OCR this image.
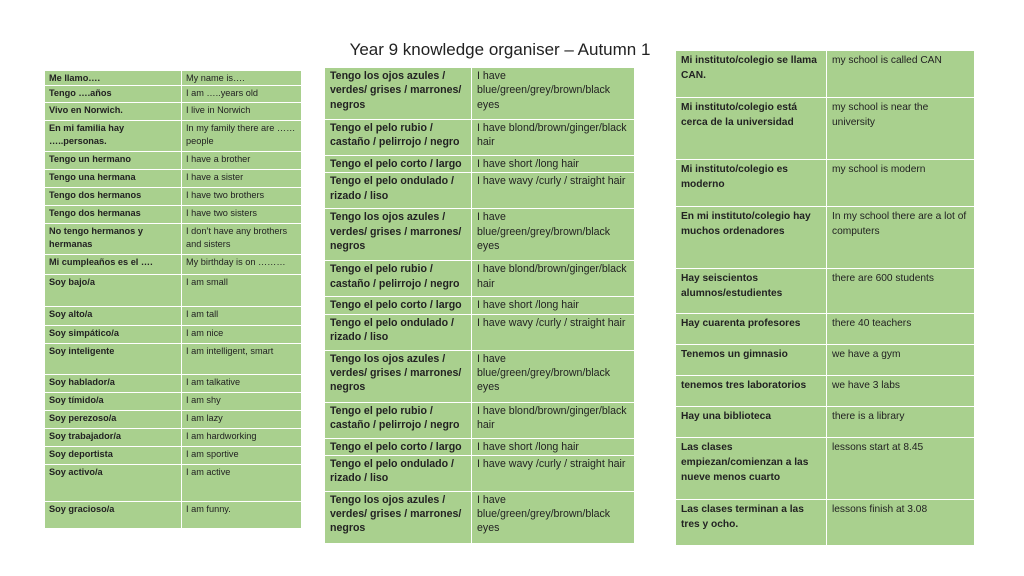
Year 9 knowledge organiser – Autumn 1
Me llamo….	My name is….
Tengo ….años	I am …..years old
Vivo en Norwich.	I live in Norwich
En mi familia hay …..personas.	In my family there are ……people
Tengo un hermano	I have a brother
Tengo una hermana	I have a sister
Tengo dos hermanos	I have two brothers
Tengo dos hermanas	I have two sisters
No tengo hermanos y hermanas	I don’t have any brothers and sisters
Mi cumpleaños es el ….	My birthday is on ………
Soy bajo/a	I am small
Soy alto/a	I am tall
Soy simpático/a	I am nice
Soy inteligente	I am intelligent, smart
Soy hablador/a	I am talkative
Soy tímido/a	I am shy
Soy perezoso/a	I am lazy
Soy trabajador/a	I am hardworking
Soy deportista	I am sportive
Soy activo/a	I am active
Soy gracioso/a	I am funny.
Tengo los ojos azules / verdes/ grises / marrones/ negros	I have blue/green/grey/brown/black eyes
Tengo el pelo rubio / castaño / pelirrojo / negro	I have blond/brown/ginger/black hair
Tengo el pelo corto / largo	I have short /long hair
Tengo el pelo ondulado / rizado / liso	I have wavy /curly / straight hair
Tengo los ojos azules / verdes/ grises / marrones/ negros	I have blue/green/grey/brown/black eyes
Tengo el pelo rubio / castaño / pelirrojo / negro	I have blond/brown/ginger/black hair
Tengo el pelo corto / largo	I have short /long hair
Tengo el pelo ondulado / rizado / liso	I have wavy /curly / straight hair
Tengo los ojos azules / verdes/ grises / marrones/ negros	I have blue/green/grey/brown/black eyes
Tengo el pelo rubio / castaño / pelirrojo / negro	I have blond/brown/ginger/black hair
Tengo el pelo corto / largo	I have short /long hair
Tengo el pelo ondulado / rizado / liso	I have wavy /curly / straight hair
Tengo los ojos azules / verdes/ grises / marrones/ negros	I have blue/green/grey/brown/black eyes
Mi instituto/colegio se llama CAN.	my school is called CAN
Mi instituto/colegio está cerca de la universidad	my school is near the university
Mi instituto/colegio es moderno	my school is modern
En mi instituto/colegio hay muchos ordenadores	In my school there are a lot of computers
Hay seiscientos alumnos/estudientes	there are 600 students
Hay cuarenta profesores	there 40 teachers
Tenemos un gimnasio	we have a gym
tenemos tres laboratorios	we have 3 labs
Hay una biblioteca	there is a library
Las clases empiezan/comienzan a las nueve menos cuarto	lessons start at 8.45
Las clases terminan a las tres y ocho.	lessons finish at 3.08
